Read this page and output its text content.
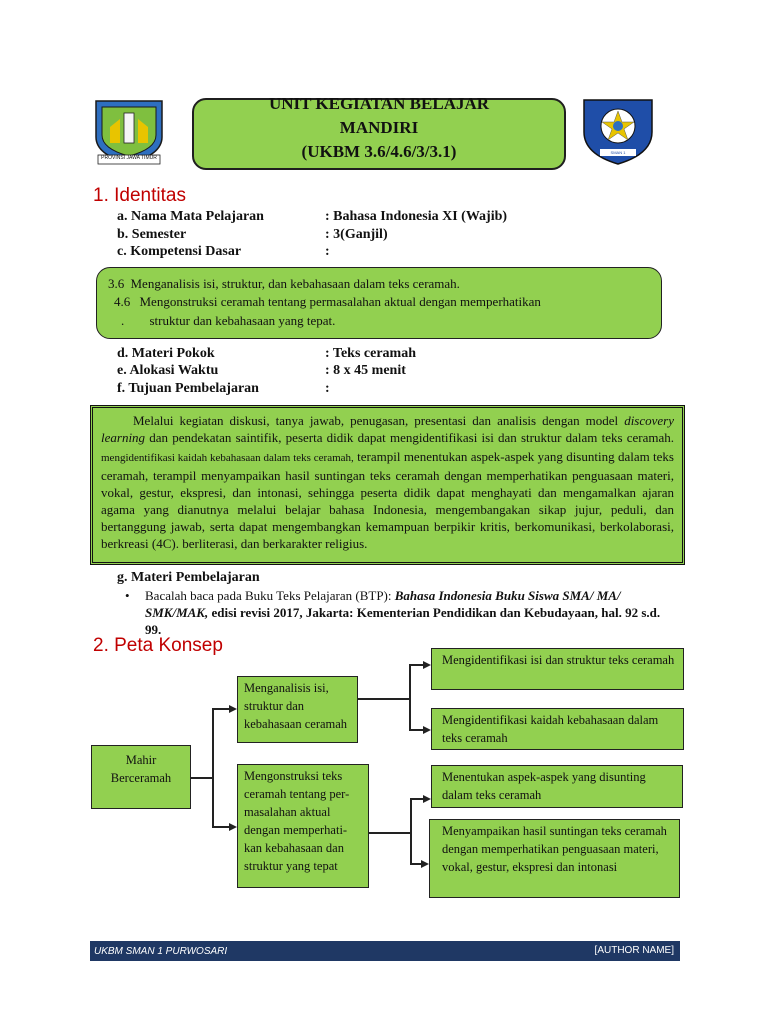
PROVINSI JAWA TIMUR
UNIT KEGIATAN BELAJAR
MANDIRI
(UKBM 3.6/4.6/3/3.1)	SMAN 1 PURWOSARI
1. Identitas
a. Nama Mata Pelajaran	: Bahasa Indonesia XI (Wajib)
b. Semester	: 3(Ganjil)
c. Kompetensi Dasar	:
3.6 Menganalisis isi, struktur, dan kebahasaan dalam teks ceramah.
4.6 Mengonstruksi ceramah tentang permasalahan aktual dengan memperhatikan
. struktur dan kebahasaan yang tepat.
d. Materi Pokok	: Teks ceramah
e. Alokasi Waktu	: 8 x 45 menit
f. Tujuan Pembelajaran	:
Melalui kegiatan diskusi, tanya jawab, penugasan, presentasi dan analisis dengan model discovery learning dan pendekatan saintifik, peserta didik dapat mengidentifikasi isi dan struktur dalam teks ceramah. mengidentifikasi kaidah kebahasaan dalam teks ceramah, terampil menentukan aspek-aspek yang disunting dalam teks ceramah, terampil menyampaikan hasil suntingan teks ceramah dengan memperhatikan penguasaan materi, vokal, gestur, ekspresi, dan intonasi, sehingga peserta didik dapat menghayati dan mengamalkan ajaran agama yang dianutnya melalui belajar bahasa Indonesia, mengembangakan sikap jujur, peduli, dan bertanggung jawab, serta dapat mengembangkan kemampuan berpikir kritis, berkomunikasi, berkolaborasi, berkreasi (4C). berliterasi, dan berkarakter religius.
g. Materi Pembelajaran
• Bacalah baca pada Buku Teks Pelajaran (BTP): Bahasa Indonesia Buku Siswa SMA/ MA/ SMK/MAK, edisi revisi 2017, Jakarta: Kementerian Pendidikan dan Kebudayaan, hal. 92 s.d. 99.
2. Peta Konsep
Mahir Berceramah
Menganalisis isi, struktur dan kebahasaan ceramah
Mengonstruksi teks ceramah tentang per-masalahan aktual dengan memperhati-kan kebahasaan dan struktur yang tepat
Mengidentifikasi isi dan struktur teks ceramah
Mengidentifikasi kaidah kebahasaan dalam teks ceramah
Menentukan aspek-aspek yang disunting dalam teks ceramah
Menyampaikan hasil suntingan teks ceramah dengan memperhatikan penguasaan materi, vokal, gestur, ekspresi dan intonasi
UKBM SMAN 1 PURWOSARI	[AUTHOR NAME]
